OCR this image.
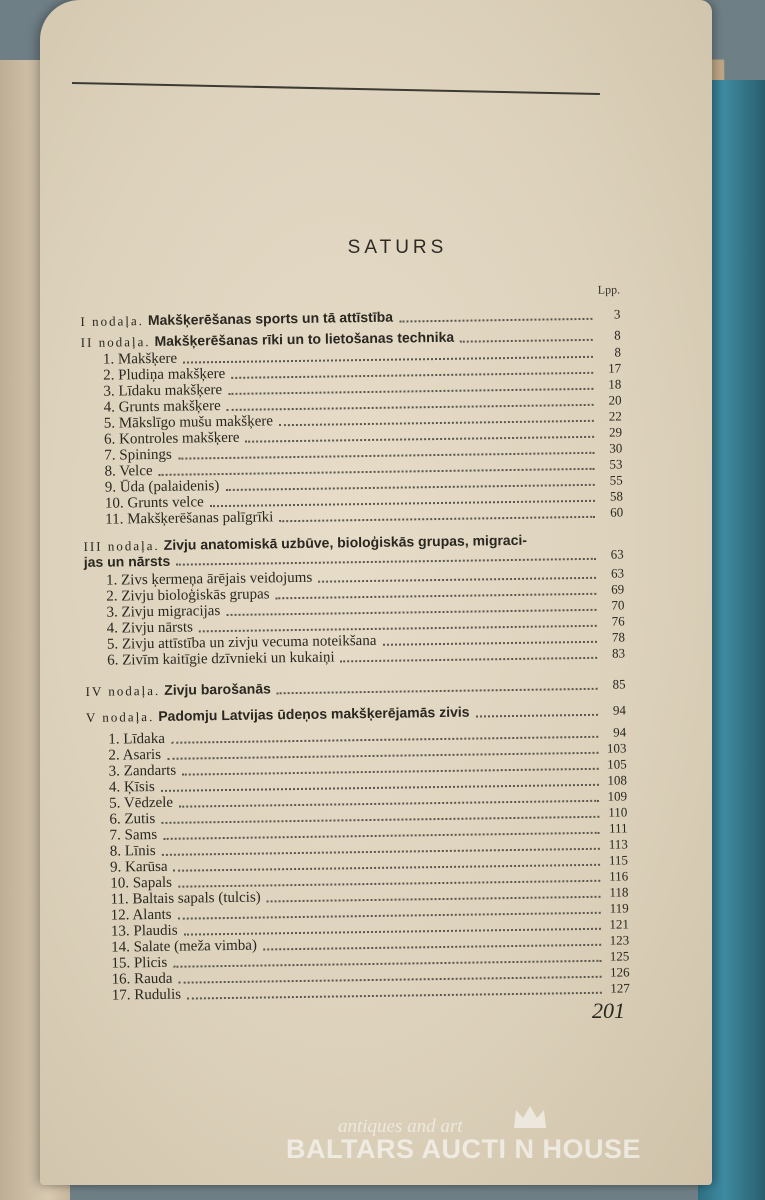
SATURS
Lpp.
I nodaļa. Makšķerēšanas sports un tā attīstība	3
II nodaļa. Makšķerēšanas rīki un to lietošanas technika	8
1. Makšķere	8
2. Pludiņa makšķere	17
3. Līdaku makšķere	18
4. Grunts makšķere	20
5. Mākslīgo mušu makšķere	22
6. Kontroles makšķere	29
7. Spinings	30
8. Velce	53
9. Ūda (palaidenis)	55
10. Grunts velce	58
11. Makšķerēšanas palīgrīki	60
III nodaļa. Zivju anatomiskā uzbūve, bioloģiskās grupas, migraci-
jas un nārsts	63
1. Zivs ķermeņa ārējais veidojums	63
2. Zivju bioloģiskās grupas	69
3. Zivju migracijas	70
4. Zivju nārsts	76
5. Zivju attīstība un zivju vecuma noteikšana	78
6. Zivīm kaitīgie dzīvnieki un kukaiņi	83
IV nodaļa. Zivju barošanās	85
V nodaļa. Padomju Latvijas ūdeņos makšķerējamās zivis	94
1. Līdaka	94
2. Asaris	103
3. Zandarts	105
4. Ķīsis	108
5. Vēdzele	109
6. Zutis	110
7. Sams	111
8. Līnis	113
9. Karūsa	115
10. Sapals	116
11. Baltais sapals (tulcis)	118
12. Alants	119
13. Plaudis	121
14. Salate (meža vimba)	123
15. Plicis	125
16. Rauda	126
17. Rudulis	127
201
antiques and art
BALTARS AUCTI N HOUSE
